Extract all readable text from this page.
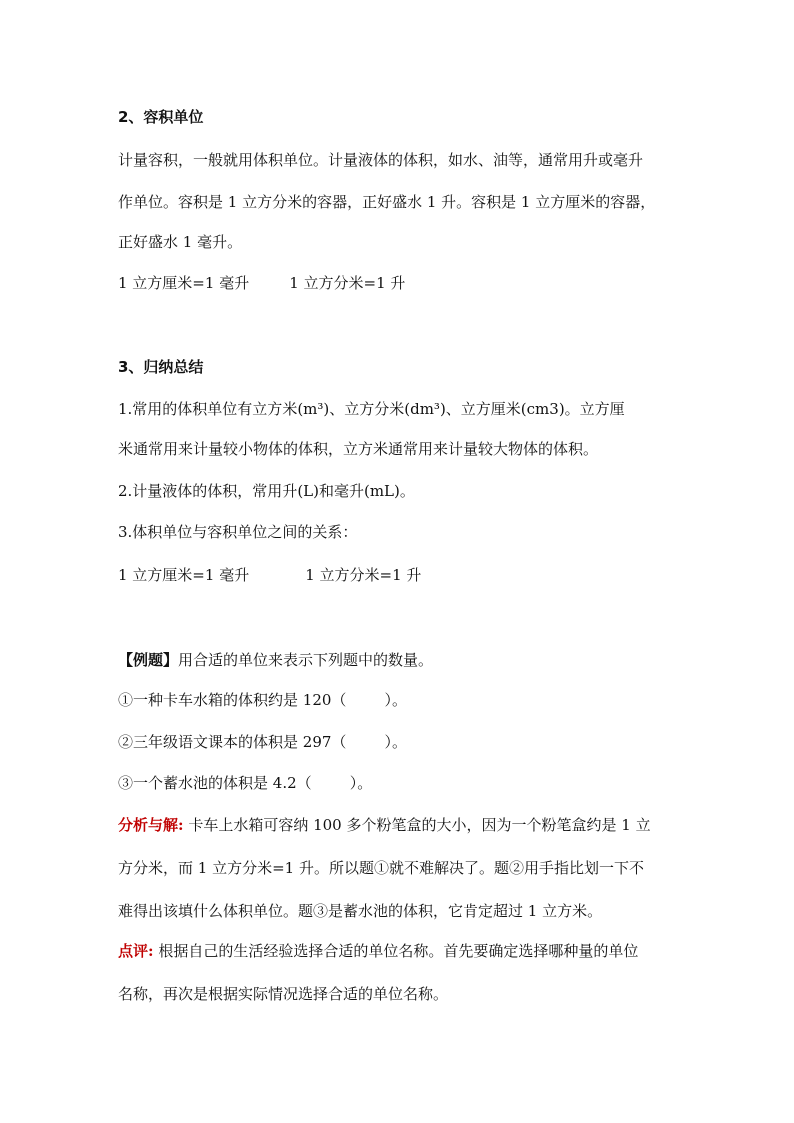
2、容积单位

计量容积，一般就用体积单位。计量液体的体积，如水、油等，通常用升或毫升

作单位。容积是 1 立方分米的容器，正好盛水 1 升。容积是 1 立方厘米的容器，

正好盛水 1 毫升。

1 立方厘米=1 毫升	1 立方分米=1 升

3、归纳总结

1.常用的体积单位有立方米(m³)、立方分米(dm³)、立方厘米(cm3)。立方厘

米通常用来计量较小物体的体积，立方米通常用来计量较大物体的体积。

2.计量液体的体积，常用升(L)和毫升(mL)。

3.体积单位与容积单位之间的关系：

1 立方厘米=1 毫升	1 立方分米=1 升

【例题】用合适的单位来表示下列题中的数量。

①一种卡车水箱的体积约是 120（        ）。

②三年级语文课本的体积是 297（        ）。

③一个蓄水池的体积是 4.2（        ）。

分析与解: 卡车上水箱可容纳 100 多个粉笔盒的大小，因为一个粉笔盒约是 1 立

方分米，而 1 立方分米=1 升。所以题①就不难解决了。题②用手指比划一下不

难得出该填什么体积单位。题③是蓄水池的体积，它肯定超过 1 立方米。

点评: 根据自己的生活经验选择合适的单位名称。首先要确定选择哪种量的单位

名称，再次是根据实际情况选择合适的单位名称。
